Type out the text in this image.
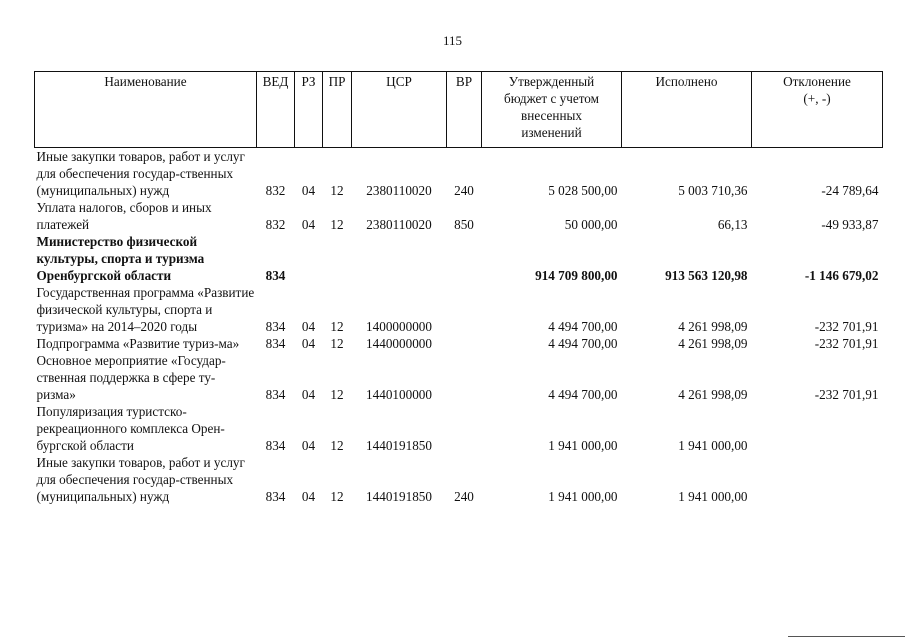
115
Наименование	ВЕД	РЗ	ПР	ЦСР	ВР	Утвержденный бюджет с учетом внесенных изменений	Исполнено	Отклонение (+, -)
Иные закупки товаров, работ и услуг для обеспечения государ-ственных (муниципальных) нужд	832	04	12	2380110020	240	5 028 500,00	5 003 710,36	-24 789,64
Уплата налогов, сборов и иных платежей	832	04	12	2380110020	850	50 000,00	66,13	-49 933,87
Министерство физической культуры, спорта и туризма Оренбургской области	834					914 709 800,00	913 563 120,98	-1 146 679,02
Государственная программа «Развитие физической культуры, спорта и туризма» на 2014–2020 годы	834	04	12	1400000000		4 494 700,00	4 261 998,09	-232 701,91
Подпрограмма «Развитие туриз-ма»	834	04	12	1440000000		4 494 700,00	4 261 998,09	-232 701,91
Основное мероприятие «Государ-ственная поддержка в сфере ту-ризма»	834	04	12	1440100000		4 494 700,00	4 261 998,09	-232 701,91
Популяризация туристско-рекреационного комплекса Орен-бургской области	834	04	12	1440191850		1 941 000,00	1 941 000,00	
Иные закупки товаров, работ и услуг для обеспечения государ-ственных (муниципальных) нужд	834	04	12	1440191850	240	1 941 000,00	1 941 000,00	
